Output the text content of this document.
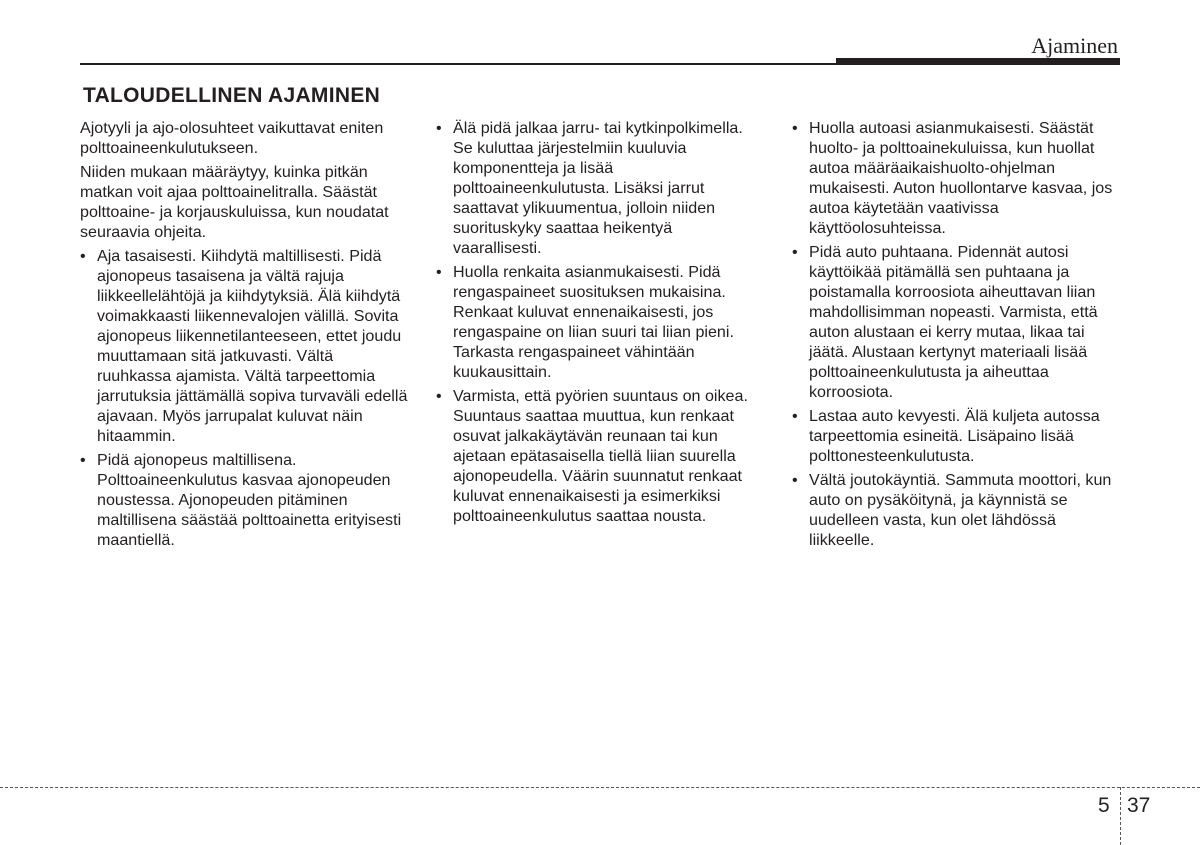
Ajaminen
TALOUDELLINEN AJAMINEN

Ajotyyli ja ajo-olosuhteet vaikuttavat eniten polttoaineenkulutukseen.

Niiden mukaan määräytyy, kuinka pitkän matkan voit ajaa polttoainelitralla. Säästät polttoaine- ja korjauskuluissa, kun noudatat seuraavia ohjeita.

• Aja tasaisesti. Kiihdytä maltillisesti. Pidä ajonopeus tasaisena ja vältä rajuja liikkeellelähtöjä ja kiihdytyksiä. Älä kiihdytä voimakkaasti liikennevalojen välillä. Sovita ajonopeus liikennetilanteeseen, ettet joudu muuttamaan sitä jatkuvasti. Vältä ruuhkassa ajamista. Vältä tarpeettomia jarrutuksia jättämällä sopiva turvaväli edellä ajavaan. Myös jarrupalat kuluvat näin hitaammin.
• Pidä ajonopeus maltillisena. Polttoaineenkulutus kasvaa ajonopeuden noustessa. Ajonopeuden pitäminen maltillisena säästää polttoainetta erityisesti maantiellä.
• Älä pidä jalkaa jarru- tai kytkinpolkimella. Se kuluttaa järjestelmiin kuuluvia komponentteja ja lisää polttoaineenkulutusta. Lisäksi jarrut saattavat ylikuumentua, jolloin niiden suorituskyky saattaa heikentyä vaarallisesti.
• Huolla renkaita asianmukaisesti. Pidä rengaspaineet suosituksen mukaisina. Renkaat kuluvat ennenaikaisesti, jos rengaspaine on liian suuri tai liian pieni. Tarkasta rengaspaineet vähintään kuukausittain.
• Varmista, että pyörien suuntaus on oikea. Suuntaus saattaa muuttua, kun renkaat osuvat jalkakäytävän reunaan tai kun ajetaan epätasaisella tiellä liian suurella ajonopeudella. Väärin suunnatut renkaat kuluvat ennenaikaisesti ja esimerkiksi polttoaineenkulutus saattaa nousta.
• Huolla autoasi asianmukaisesti. Säästät huolto- ja polttoainekuluissa, kun huollat autoa määräaikaishuolto-ohjelman mukaisesti. Auton huollontarve kasvaa, jos autoa käytetään vaativissa käyttöolosuhteissa.
• Pidä auto puhtaana. Pidennät autosi käyttöikää pitämällä sen puhtaana ja poistamalla korroosiota aiheuttavan liian mahdollisimman nopeasti. Varmista, että auton alustaan ei kerry mutaa, likaa tai jäätä. Alustaan kertynyt materiaali lisää polttoaineenkulutusta ja aiheuttaa korroosiota.
• Lastaa auto kevyesti. Älä kuljeta autossa tarpeettomia esineitä. Lisäpaino lisää polttonesteenkulutusta.
• Vältä joutokäyntiä. Sammuta moottori, kun auto on pysäköitynä, ja käynnistä se uudelleen vasta, kun olet lähdössä liikkeelle.
5 37
